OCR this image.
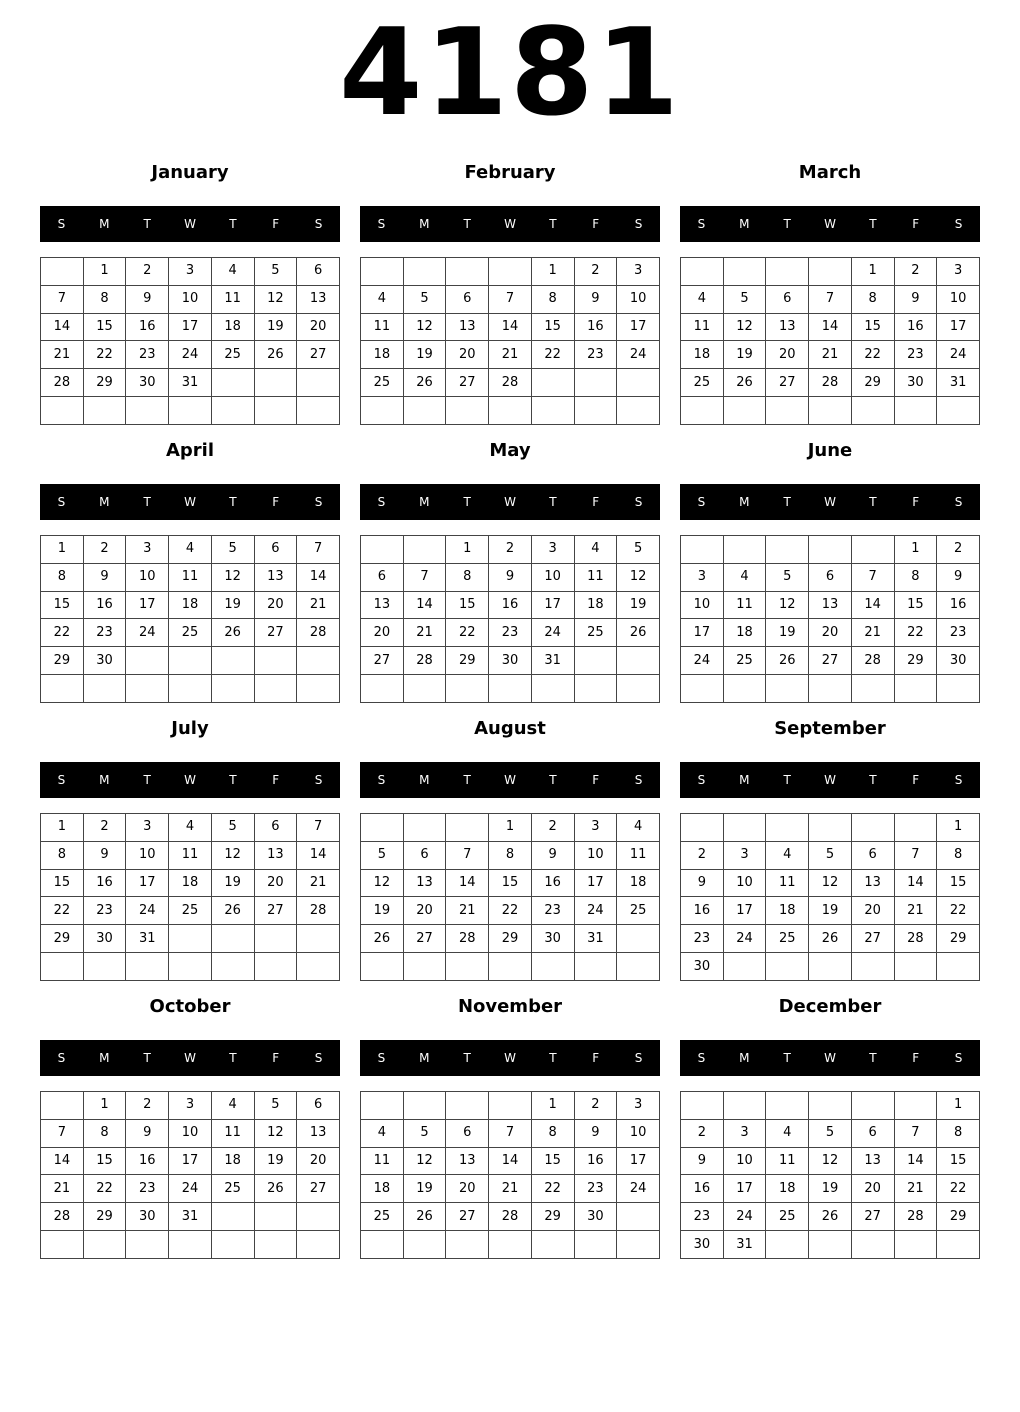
4181
January
S	M	T	W	T	F	S
	1	2	3	4	5	6
7	8	9	10	11	12	13
14	15	16	17	18	19	20
21	22	23	24	25	26	27
28	29	30	31			

February
S	M	T	W	T	F	S
				1	2	3
4	5	6	7	8	9	10
11	12	13	14	15	16	17
18	19	20	21	22	23	24
25	26	27	28			

March
S	M	T	W	T	F	S
				1	2	3
4	5	6	7	8	9	10
11	12	13	14	15	16	17
18	19	20	21	22	23	24
25	26	27	28	29	30	31

April
S	M	T	W	T	F	S
1	2	3	4	5	6	7
8	9	10	11	12	13	14
15	16	17	18	19	20	21
22	23	24	25	26	27	28
29	30					

May
S	M	T	W	T	F	S
		1	2	3	4	5
6	7	8	9	10	11	12
13	14	15	16	17	18	19
20	21	22	23	24	25	26
27	28	29	30	31		

June
S	M	T	W	T	F	S
					1	2
3	4	5	6	7	8	9
10	11	12	13	14	15	16
17	18	19	20	21	22	23
24	25	26	27	28	29	30

July
S	M	T	W	T	F	S
1	2	3	4	5	6	7
8	9	10	11	12	13	14
15	16	17	18	19	20	21
22	23	24	25	26	27	28
29	30	31				

August
S	M	T	W	T	F	S
			1	2	3	4
5	6	7	8	9	10	11
12	13	14	15	16	17	18
19	20	21	22	23	24	25
26	27	28	29	30	31	

September
S	M	T	W	T	F	S
						1
2	3	4	5	6	7	8
9	10	11	12	13	14	15
16	17	18	19	20	21	22
23	24	25	26	27	28	29
30						
October
S	M	T	W	T	F	S
	1	2	3	4	5	6
7	8	9	10	11	12	13
14	15	16	17	18	19	20
21	22	23	24	25	26	27
28	29	30	31			

November
S	M	T	W	T	F	S
				1	2	3
4	5	6	7	8	9	10
11	12	13	14	15	16	17
18	19	20	21	22	23	24
25	26	27	28	29	30	

December
S	M	T	W	T	F	S
						1
2	3	4	5	6	7	8
9	10	11	12	13	14	15
16	17	18	19	20	21	22
23	24	25	26	27	28	29
30	31					
